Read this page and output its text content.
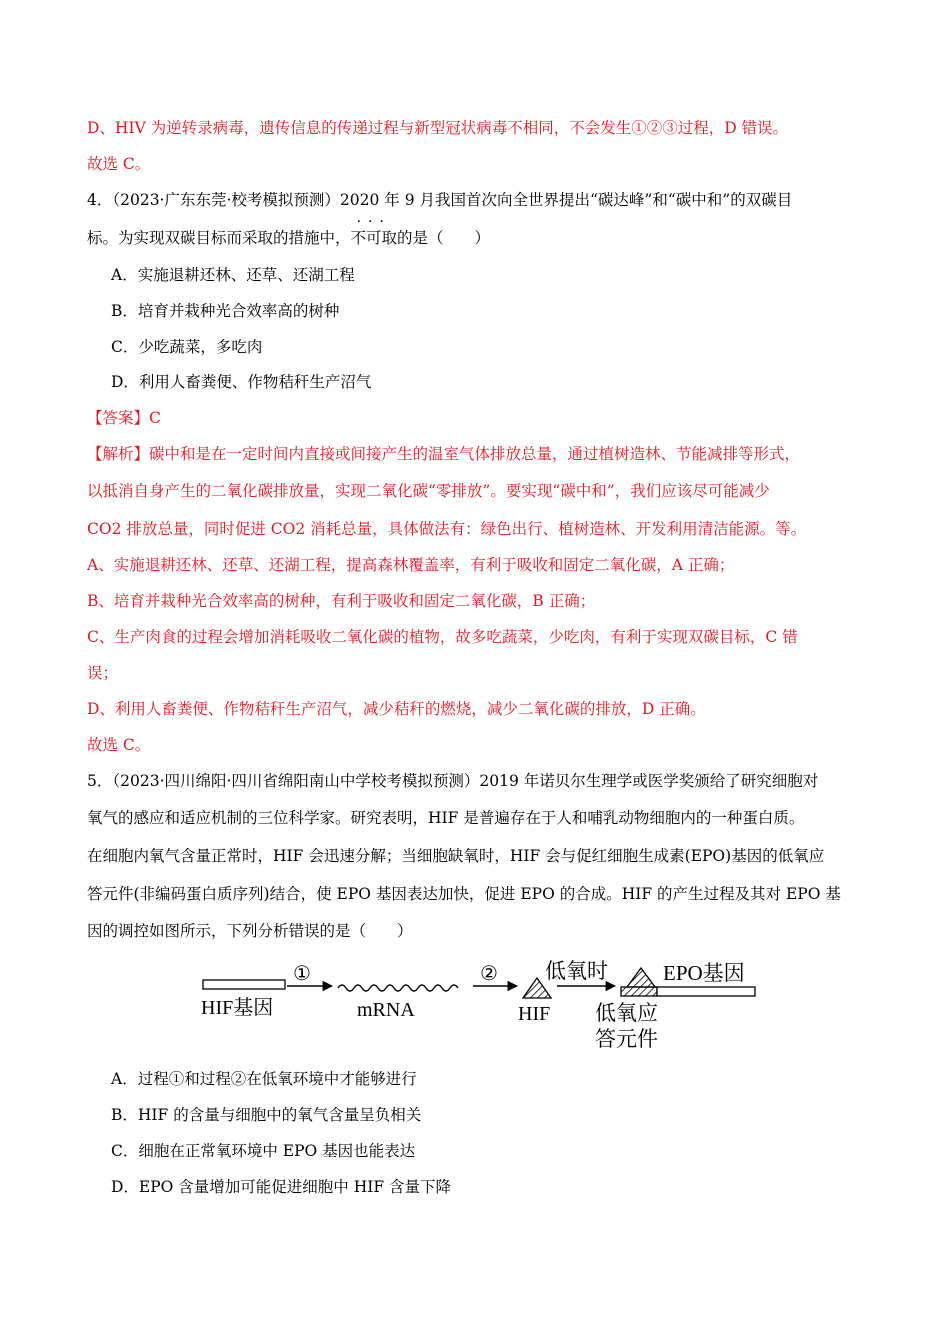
D、HIV 为逆转录病毒，遗传信息的传递过程与新型冠状病毒不相同，不会发生①②③过程，D 错误。
故选 C。
4．（2023·广东东莞·校考模拟预测）2020 年 9 月我国首次向全世界提出“碳达峰”和“碳中和”的双碳目
标。为实现双碳目标而采取的措施中，
···
不可取的是（　　）
A．实施退耕还林、还草、还湖工程
B．培育并栽种光合效率高的树种
C．少吃蔬菜，多吃肉
D．利用人畜粪便、作物秸秆生产沼气
【答案】C
【解析】碳中和是在一定时间内直接或间接产生的温室气体排放总量，通过植树造林、节能减排等形式，
以抵消自身产生的二氧化碳排放量，实现二氧化碳“零排放”。要实现“碳中和”，我们应该尽可能减少
CO2 排放总量，同时促进 CO2 消耗总量，具体做法有：绿色出行、植树造林、开发利用清洁能源。等。
A、实施退耕还林、还草、还湖工程，提高森林覆盖率，有利于吸收和固定二氧化碳，A 正确；
B、培育并栽种光合效率高的树种，有利于吸收和固定二氧化碳，B 正确；
C、生产肉食的过程会增加消耗吸收二氧化碳的植物，故多吃蔬菜，少吃肉，有利于实现双碳目标，C 错
误；
D、利用人畜粪便、作物秸秆生产沼气，减少秸秆的燃烧，减少二氧化碳的排放，D 正确。
故选 C。
5．（2023·四川绵阳·四川省绵阳南山中学校考模拟预测）2019 年诺贝尔生理学或医学奖颁给了研究细胞对
氧气的感应和适应机制的三位科学家。研究表明，HIF 是普遍存在于人和哺乳动物细胞内的一种蛋白质。
在细胞内氧气含量正常时，HIF 会迅速分解；当细胞缺氧时，HIF 会与促红细胞生成素(EPO)基因的低氧应
答元件(非编码蛋白质序列)结合，使 EPO 基因表达加快，促进 EPO 的合成。HIF 的产生过程及其对 EPO 基
因的调控如图所示，下列分析错误的是（　　）
HIF基因
①
mRNA
②
HIF
低氧时	EPO基因
低氧应
答元件
A．过程①和过程②在低氧环境中才能够进行
B．HIF 的含量与细胞中的氧气含量呈负相关
C．细胞在正常氧环境中 EPO 基因也能表达
D．EPO 含量增加可能促进细胞中 HIF 含量下降
